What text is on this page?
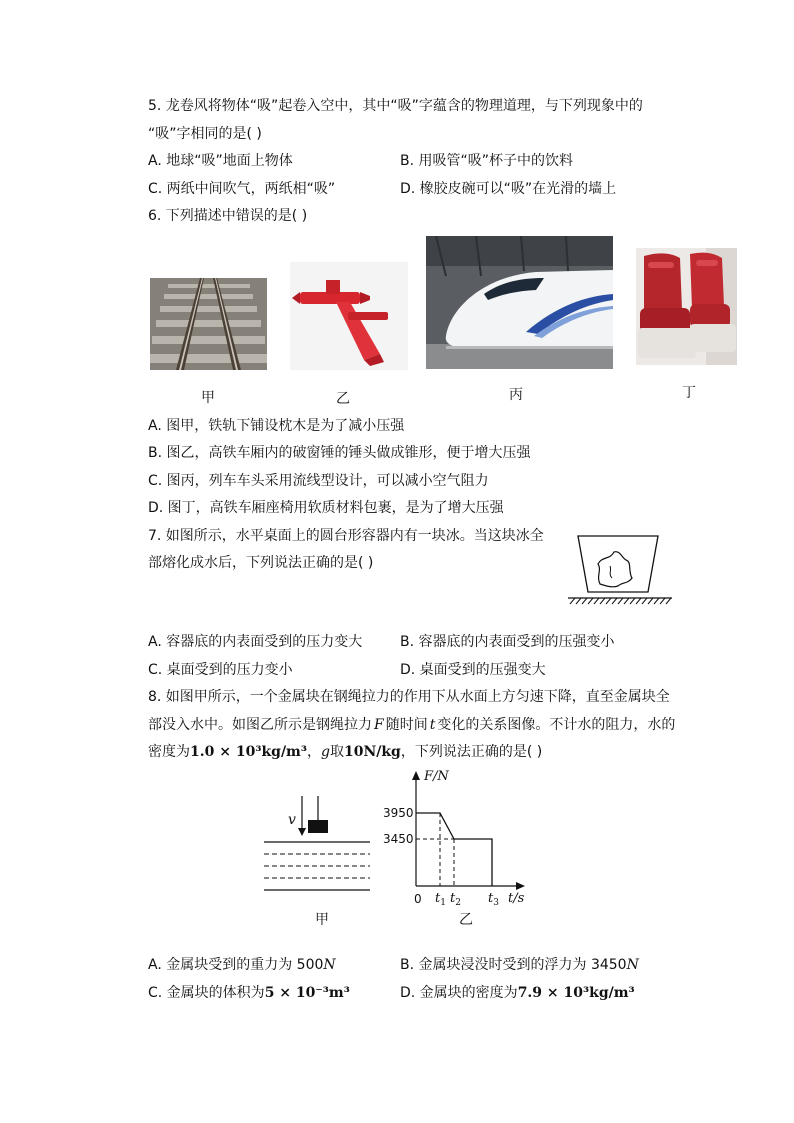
5. 龙卷风将物体“吸”起卷入空中，其中“吸”字蕴含的物理道理，与下列现象中的
“吸”字相同的是( )
A. 地球“吸”地面上物体	B. 用吸管“吸”杯子中的饮料
C. 两纸中间吹气，两纸相“吸”	D. 橡胶皮碗可以“吸”在光滑的墙上
6. 下列描述中错误的是( )
甲	乙	丙	丁
A. 图甲，铁轨下铺设枕木是为了减小压强
B. 图乙，高铁车厢内的破窗锤的锤头做成锥形，便于增大压强
C. 图丙，列车车头采用流线型设计，可以减小空气阻力
D. 图丁，高铁车厢座椅用软质材料包裹，是为了增大压强
7. 如图所示，水平桌面上的圆台形容器内有一块冰。当这块冰全
部熔化成水后，下列说法正确的是( )
A. 容器底的内表面受到的压力变大	B. 容器底的内表面受到的压强变小
C. 桌面受到的压力变小	D. 桌面受到的压强变大
8. 如图甲所示，一个金属块在钢绳拉力的作用下从水面上方匀速下降，直至金属块全
部没入水中。如图乙所示是钢绳拉力 F 随时间 t 变化的关系图像。不计水的阻力，水的
密度为1.0 × 10³kg/m³，g取10N/kg，下列说法正确的是( )
v
甲
F/N
3950
3450
0 $t_1$ $t_2$ $t_3$ t/s
乙
A. 金属块受到的重力为 500N	B. 金属块浸没时受到的浮力为 3450N
C. 金属块的体积为5 × 10⁻³m³	D. 金属块的密度为7.9 × 10³kg/m³
